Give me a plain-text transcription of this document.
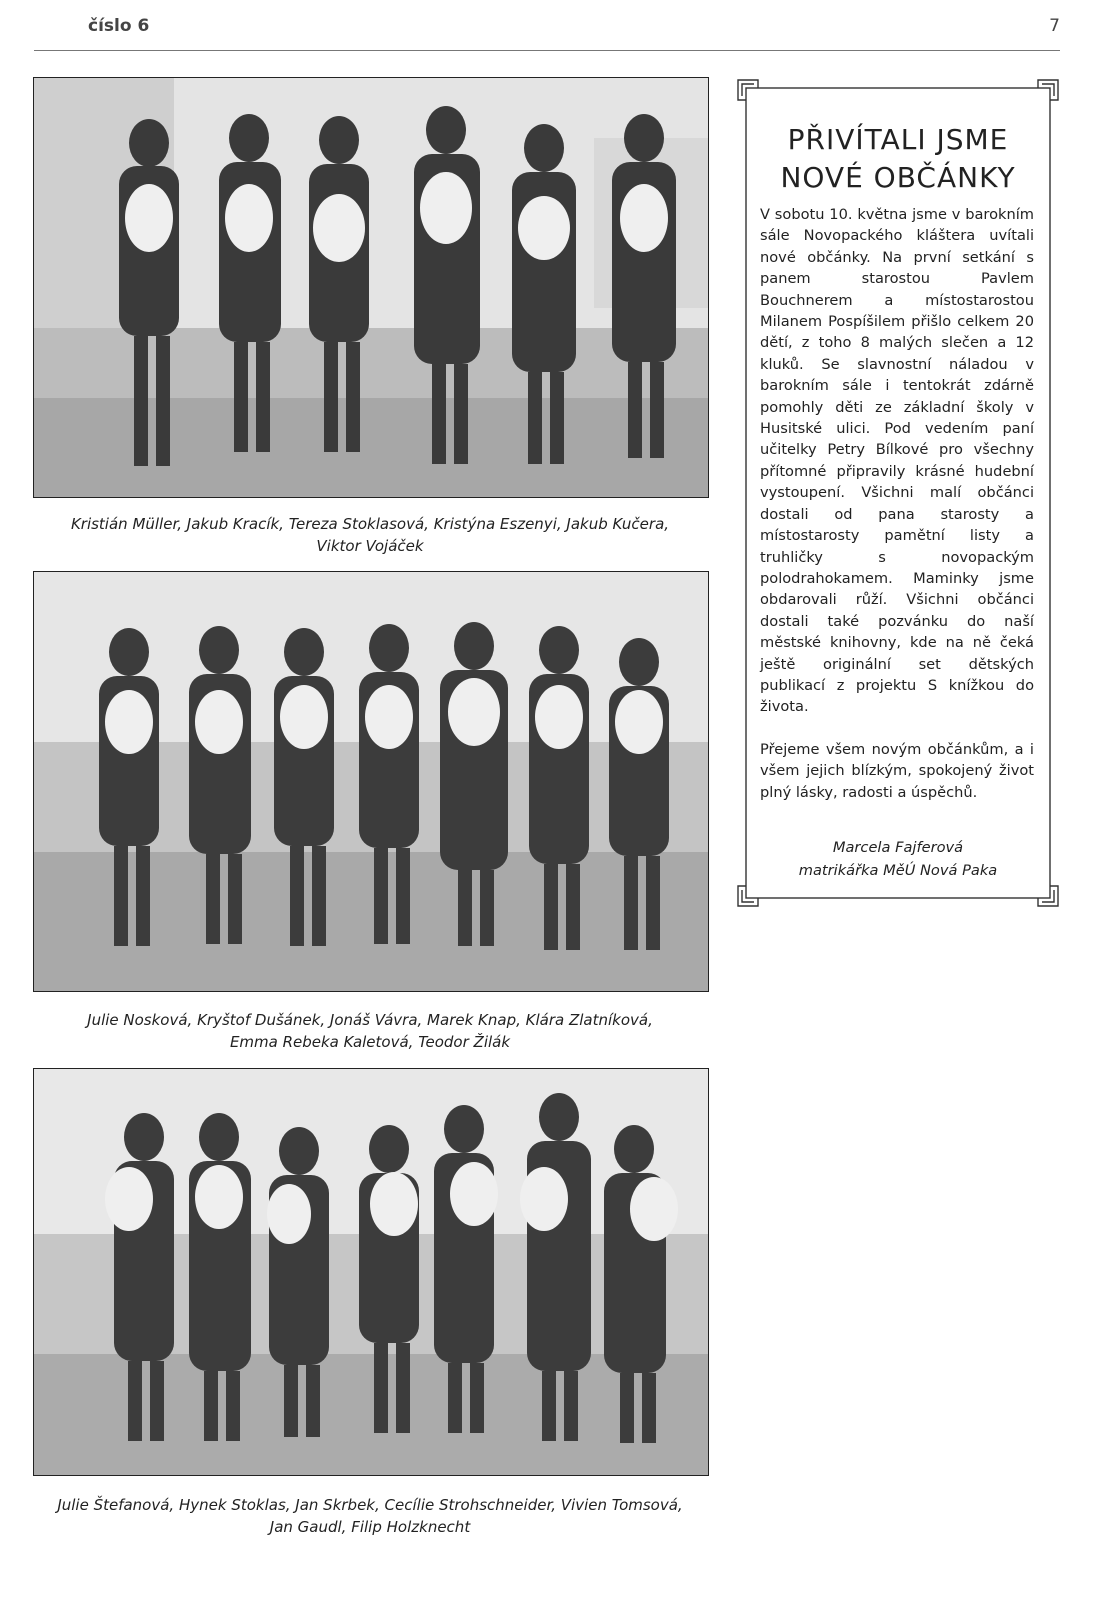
číslo 6	7
Kristián Müller, Jakub Kracík, Tereza Stoklasová, Kristýna Eszenyi, Jakub Kučera,
Viktor Vojáček
Julie Nosková, Kryštof Dušánek, Jonáš Vávra, Marek Knap, Klára Zlatníková,
Emma Rebeka Kaletová, Teodor Žilák
Julie Štefanová, Hynek Stoklas, Jan Skrbek, Cecílie Strohschneider, Vivien Tomsová,
Jan Gaudl, Filip Holzknecht
PŘIVÍTALI JSME
NOVÉ OBČÁNKY

V sobotu 10. května jsme v barokním sále Novopackého kláštera uvítali nové občánky. Na první setkání s panem starostou Pavlem Bouchnerem a místostarostou Milanem Pospíšilem přišlo celkem 20 dětí, z toho 8 malých slečen a 12 kluků. Se slavnostní náladou v barokním sále i tentokrát zdárně pomohly děti ze základní školy v Husitské ulici. Pod vedením paní učitelky Petry Bílkové pro všechny přítomné připravily krásné hudební vystoupení. Všichni malí občánci dostali od pana starosty a místostarosty pamětní listy a truhličky s novopackým polodrahokamem. Maminky jsme obdarovali růží. Všichni občánci dostali také pozvánku do naší městské knihovny, kde na ně čeká ještě originální set dětských publikací z projektu S knížkou do života.

Přejeme všem novým občánkům, a i všem jejich blízkým, spokojený život plný lásky, radosti a úspěchů.

Marcela Fajferová
matrikářka MěÚ Nová Paka
